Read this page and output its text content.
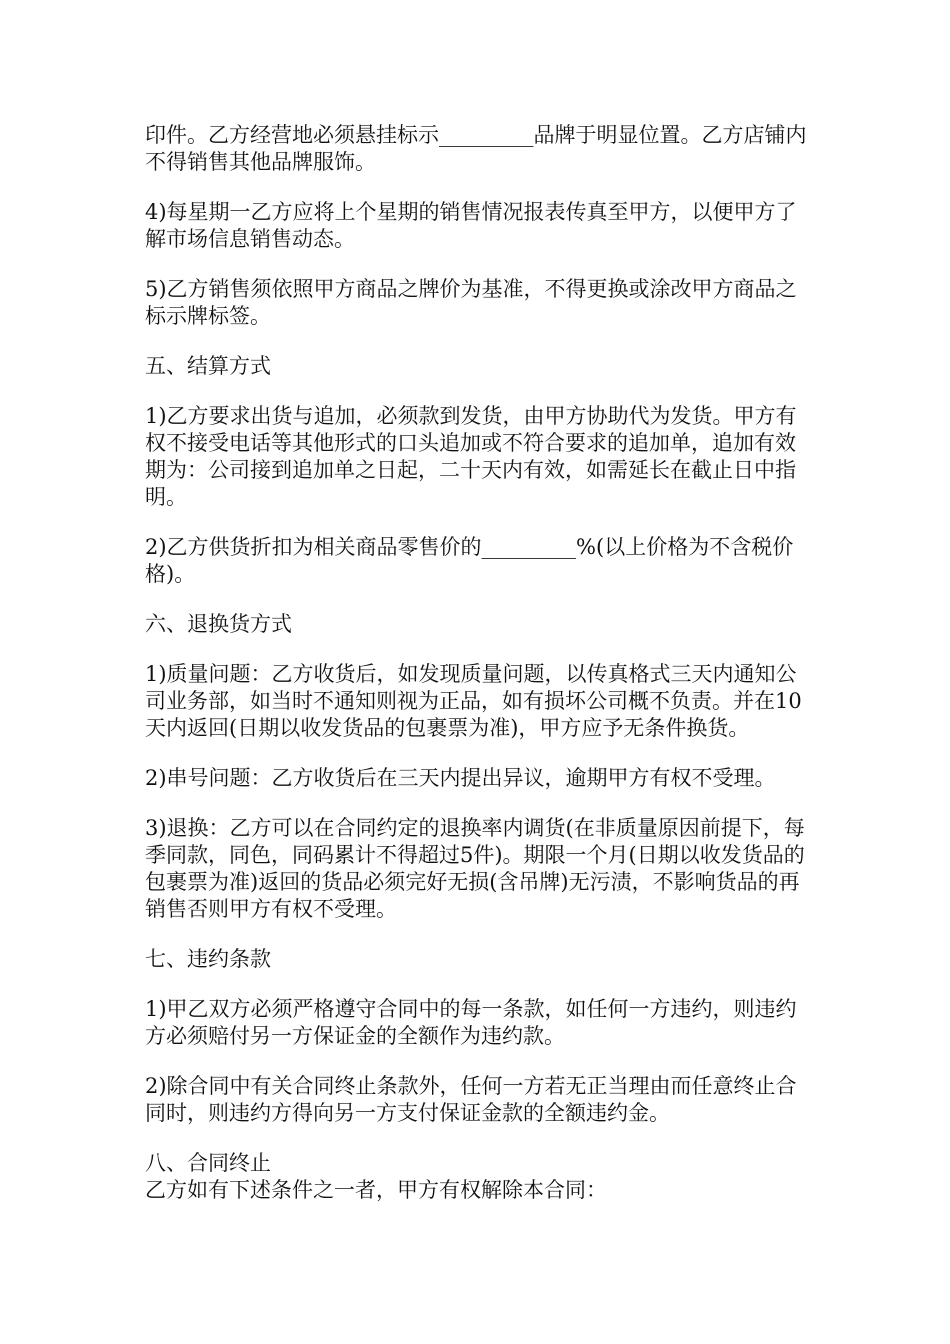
印件。乙方经营地必须悬挂标示_________品牌于明显位置。乙方店铺内不得销售其他品牌服饰。

4)每星期一乙方应将上个星期的销售情况报表传真至甲方，以便甲方了解市场信息销售动态。

5)乙方销售须依照甲方商品之牌价为基准，不得更换或涂改甲方商品之标示牌标签。

五、结算方式

1)乙方要求出货与追加，必须款到发货，由甲方协助代为发货。甲方有权不接受电话等其他形式的口头追加或不符合要求的追加单，追加有效期为：公司接到追加单之日起，二十天内有效，如需延长在截止日中指明。

2)乙方供货折扣为相关商品零售价的_________%(以上价格为不含税价格)。

六、退换货方式

1)质量问题：乙方收货后，如发现质量问题，以传真格式三天内通知公司业务部，如当时不通知则视为正品，如有损坏公司概不负责。并在10天内返回(日期以收发货品的包裹票为准)，甲方应予无条件换货。

2)串号问题：乙方收货后在三天内提出异议，逾期甲方有权不受理。

3)退换：乙方可以在合同约定的退换率内调货(在非质量原因前提下，每季同款，同色，同码累计不得超过5件)。期限一个月(日期以收发货品的包裹票为准)返回的货品必须完好无损(含吊牌)无污渍，不影响货品的再销售否则甲方有权不受理。

七、违约条款

1)甲乙双方必须严格遵守合同中的每一条款，如任何一方违约，则违约方必须赔付另一方保证金的全额作为违约款。

2)除合同中有关合同终止条款外，任何一方若无正当理由而任意终止合同时，则违约方得向另一方支付保证金款的全额违约金。

八、合同终止

乙方如有下述条件之一者，甲方有权解除本合同：
